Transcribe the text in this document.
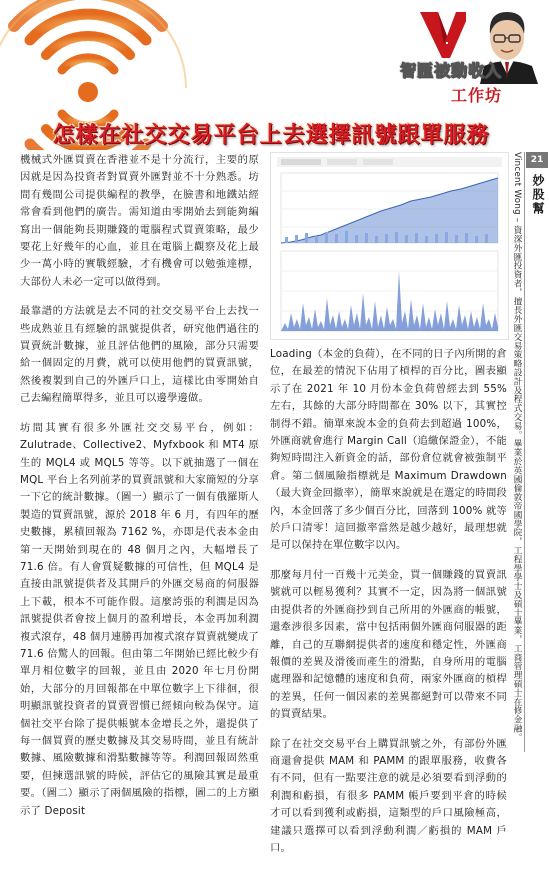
智匯被動收入
工作坊
怎樣在社交交易平台上去選擇訊號跟單服務
Vincent Wong – 資深外匯投資者，擅長外匯交易策略設計及程式交易。畢業於英國倫敦帝國學院，工程學學士及碩士畢業，工商管理碩士在修金融。 21
妙股幫

機械式外匯買賣在香港並不是十分流行，主要的原因就是因為投資者對買賣外匯對並不十分熟悉。坊間有幾間公司提供編程的教學，在臉書和地鐵站經常會看到他們的廣告。需知道由零開始去到能夠編寫出一個能夠長期賺錢的電腦程式買賣策略，最少要花上好幾年的心血，並且在電腦上觀察及花上最少一萬小時的實戰經驗，才有機會可以勉強達標，大部份人未必一定可以做得到。

最靠譜的方法就是去不同的社交交易平台上去找一些成熟並且有經驗的訊號提供者，研究他們過往的買賣統計數據，並且評估他們的風險，部分只需要給一個固定的月費，就可以使用他們的買賣訊號，然後複製到自己的外匯戶口上，這樣比由零開始自己去編程簡單得多，並且可以邊學邊做。

坊間其實有很多外匯社交交易平台，例如：Zulutrade、Collective2、Myfxbook 和 MT4 原生的 MQL4 或 MQL5 等等。以下就抽選了一個在 MQL 平台上名列前茅的買賣訊號和大家簡短的分享一下它的統計數據。（圖一）顯示了一個有俄羅斯人製造的買賣訊號，源於 2018 年 6 月，有四年的歷史數據，累積回報為 7162 %，亦即是代表本金由第一天開始到現在的 48 個月之內，大幅增長了 71.6 倍。有人會質疑數據的可信性，但 MQL4 是直接由訊號提供者及其開戶的外匯交易商的伺服器上下載，根本不可能作假。這麼誇張的利潤是因為訊號提供者會按上個月的盈利增長，本金再加利潤複式滾存，48 個月連勝再加複式滾存買賣就變成了 71.6 倍驚人的回報。但由第二年開始已經比較少有單月相位數字的回報，並且由 2020 年七月份開始，大部分的月回報都在中單位數字上下徘徊，很明顯訊號投資者的買賣習慣已經傾向較為保守。這個社交平台除了提供帳號本金增長之外，還提供了每一個買賣的歷史數據及其交易時間，並且有統計數據、風險數據和滑點數據等等。利潤回報固然重要，但揀選訊號的時候，評估它的風險其實是最重要。（圖二）顯示了兩個風險的指標，圖二的上方顯示了 Deposit

Loading（本金的負荷），在不同的日子內所開的倉位，在最差的情況下佔用了槓桿的百分比，圖表顯示了在 2021 年 10 月份本金負荷曾經去到 55% 左右，其餘的大部分時間都在 30% 以下，其實控制得不錯。簡單來說本金的負荷去到超過 100%，外匯商就會進行 Margin Call（追繳保證金），不能夠短時間注入新資金的話，部份倉位就會被強制平倉。第二個風險指標就是 Maximum Drawdown（最大資金回撤率），簡單來說就是在選定的時間段內，本金回落了多少個百分比，回落到 100% 就等於戶口清零！這回撤率當然是越少越好，最理想就是可以保持在單位數字以內。

那麼每月付一百幾十元美金，買一個賺錢的買賣訊號就可以輕易獲利？其實不一定，因為將一個訊號由提供者的外匯商抄到自己所用的外匯商的帳號，還牽涉很多因素，當中包括兩個外匯商伺服器的距離，自己的互聯網提供者的速度和穩定性，外匯商報價的差異及滑後而產生的滑點，自身所用的電腦處理器和記憶體的速度和負荷，兩家外匯商的槓桿的差異，任何一個因素的差異都絕對可以帶來不同的買賣結果。

除了在社交交易平台上購買訊號之外，有部份外匯商還會提供 MAM 和 PAMM 的跟單服務，收費各有不同，但有一點要注意的就是必須要看到浮動的利潤和虧損，有很多 PAMM 帳戶要到平倉的時候才可以看到獲利或虧損，這類型的戶口風險極高，建議只選擇可以看到浮動利潤／虧損的 MAM 戶口。
